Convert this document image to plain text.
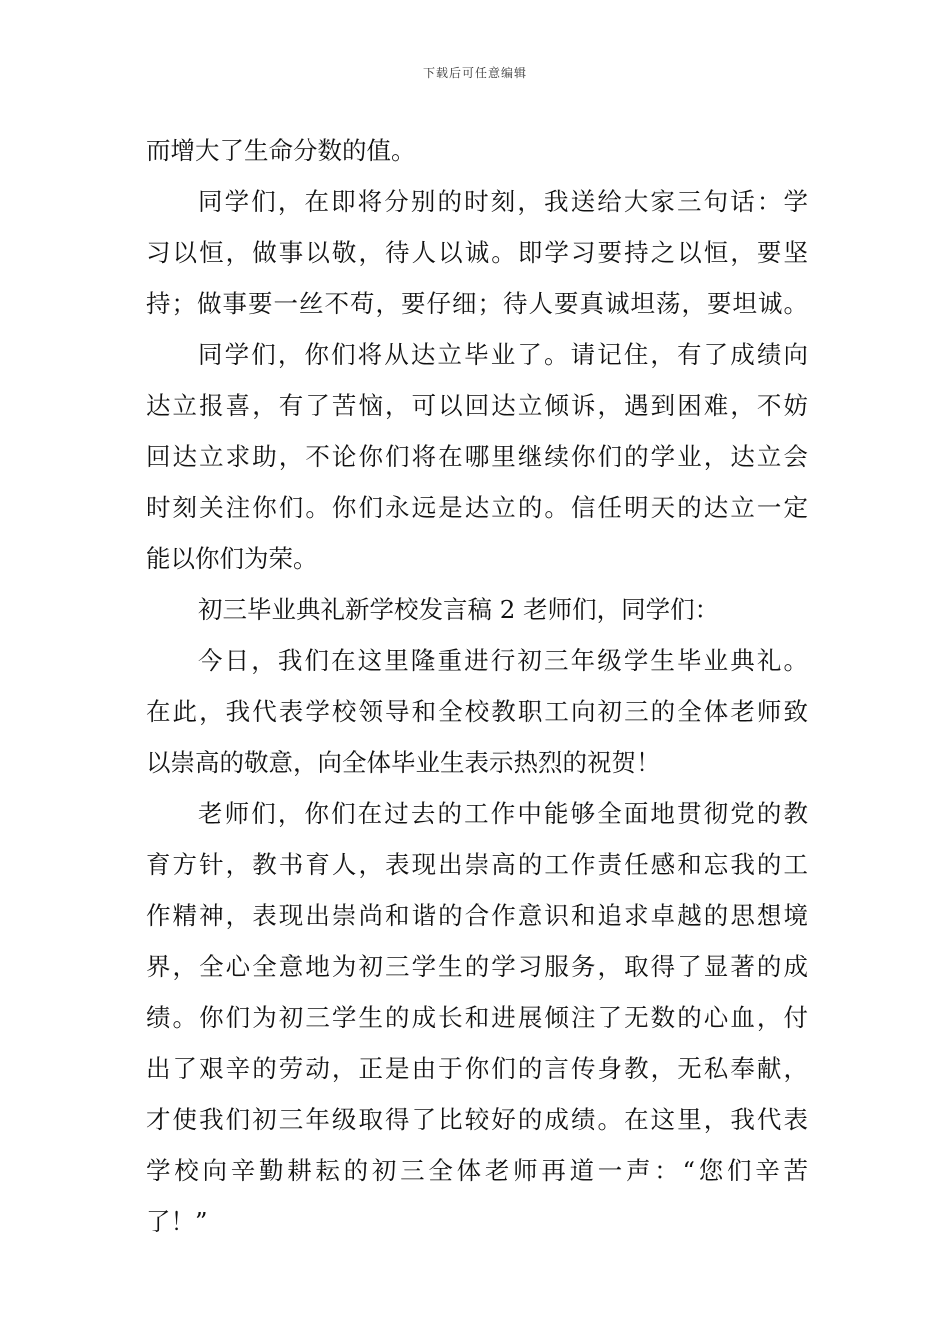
下载后可任意编辑
而增大了生命分数的值。
同学们，在即将分别的时刻，我送给大家三句话：学
习以恒，做事以敬，待人以诚。即学习要持之以恒，要坚
持；做事要一丝不苟，要仔细；待人要真诚坦荡，要坦诚。
同学们，你们将从达立毕业了。请记住，有了成绩向
达立报喜，有了苦恼，可以回达立倾诉，遇到困难，不妨
回达立求助，不论你们将在哪里继续你们的学业，达立会
时刻关注你们。你们永远是达立的。信任明天的达立一定
能以你们为荣。
初三毕业典礼新学校发言稿 2 老师们，同学们：
今日，我们在这里隆重进行初三年级学生毕业典礼。
在此，我代表学校领导和全校教职工向初三的全体老师致
以崇高的敬意，向全体毕业生表示热烈的祝贺！
老师们，你们在过去的工作中能够全面地贯彻党的教
育方针，教书育人，表现出崇高的工作责任感和忘我的工
作精神，表现出崇尚和谐的合作意识和追求卓越的思想境
界，全心全意地为初三学生的学习服务，取得了显著的成
绩。你们为初三学生的成长和进展倾注了无数的心血，付
出了艰辛的劳动，正是由于你们的言传身教，无私奉献，
才使我们初三年级取得了比较好的成绩。在这里，我代表
学校向辛勤耕耘的初三全体老师再道一声：“您们辛苦
了！”
